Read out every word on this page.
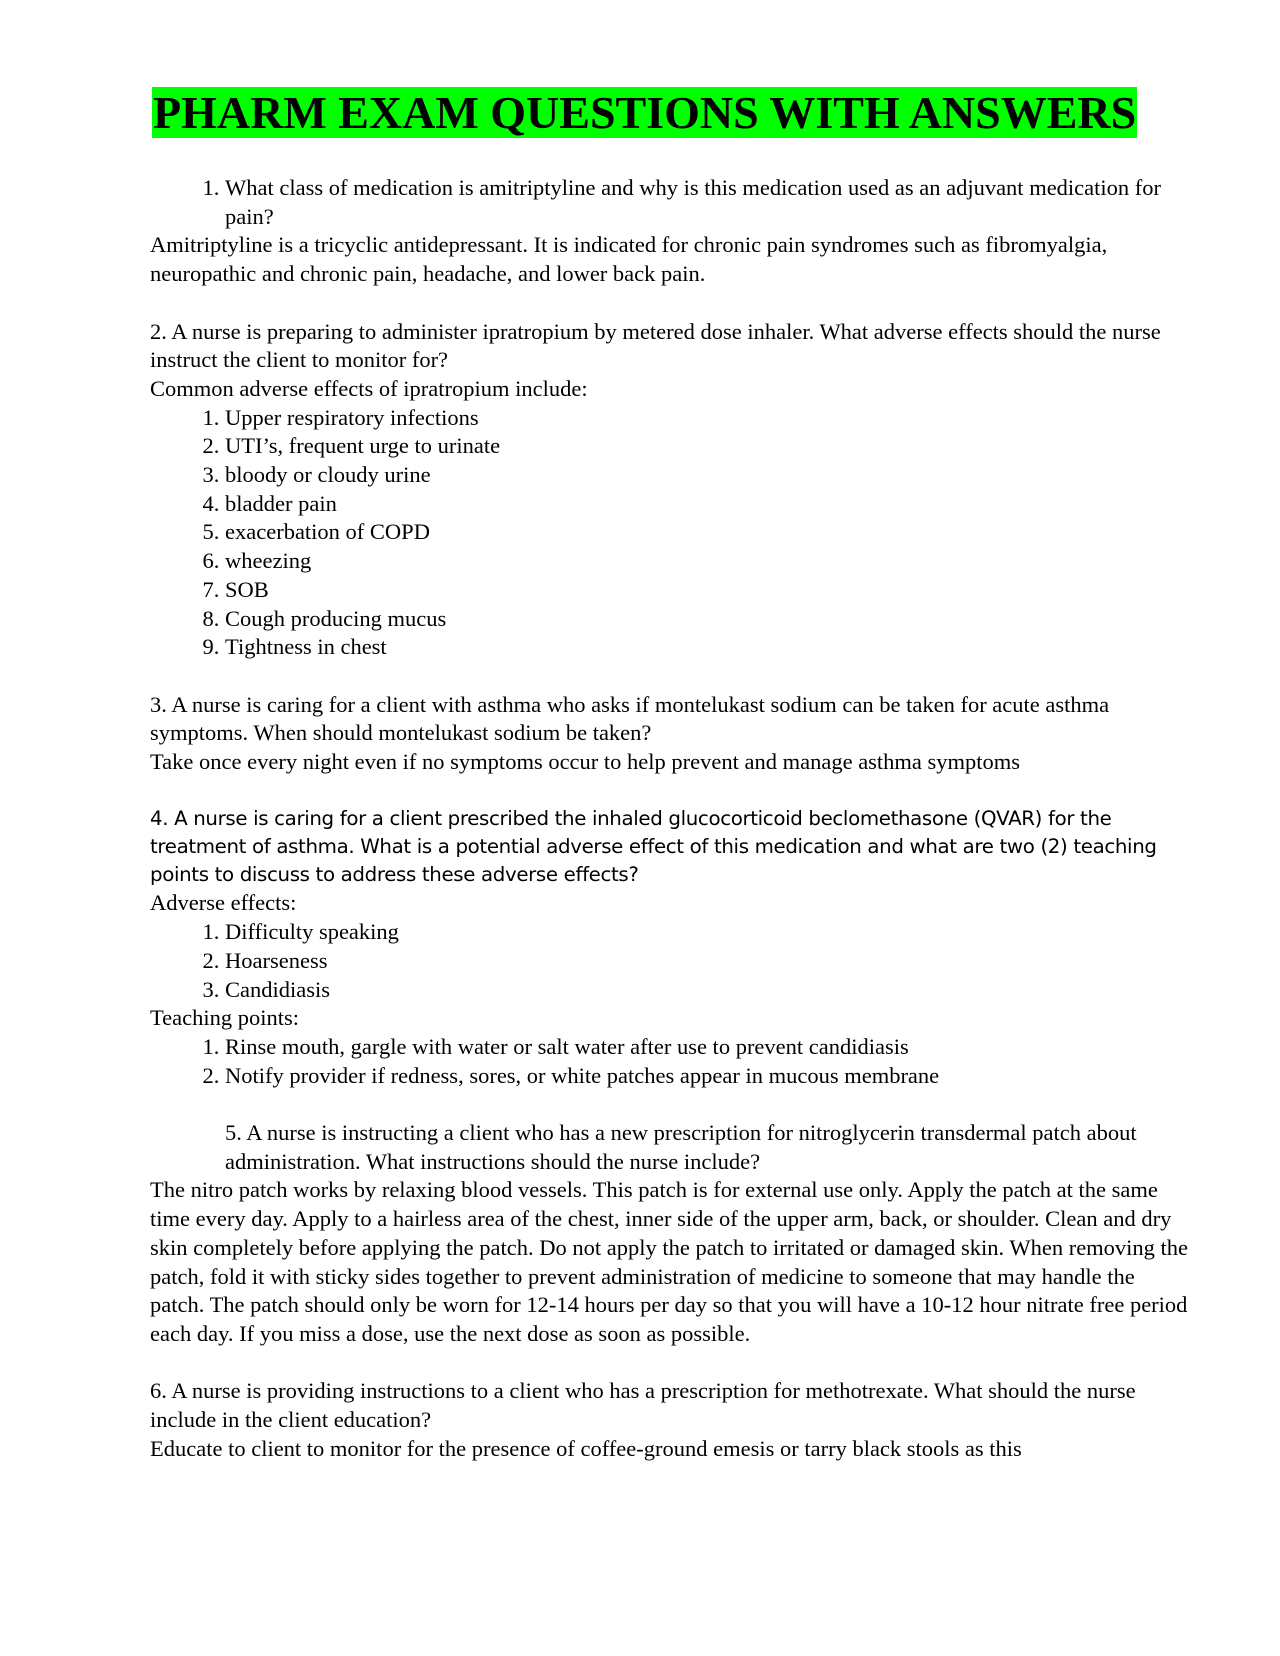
PHARM EXAM QUESTIONS WITH ANSWERS
1. What class of medication is amitriptyline and why is this medication used as an adjuvant medication for pain?

Amitriptyline is a tricyclic antidepressant. It is indicated for chronic pain syndromes such as fibromyalgia, neuropathic and chronic pain, headache, and lower back pain.

2. A nurse is preparing to administer ipratropium by metered dose inhaler. What adverse effects should the nurse instruct the client to monitor for?

Common adverse effects of ipratropium include:

1. Upper respiratory infections
2. UTI’s, frequent urge to urinate
3. bloody or cloudy urine
4. bladder pain
5. exacerbation of COPD
6. wheezing
7. SOB
8. Cough producing mucus
9. Tightness in chest

3. A nurse is caring for a client with asthma who asks if montelukast sodium can be taken for acute asthma symptoms. When should montelukast sodium be taken?

Take once every night even if no symptoms occur to help prevent and manage asthma symptoms

4. A nurse is caring for a client prescribed the inhaled glucocorticoid beclomethasone (QVAR) for the treatment of asthma. What is a potential adverse effect of this medication and what are two (2) teaching points to discuss to address these adverse effects?

Adverse effects:

1. Difficulty speaking
2. Hoarseness
3. Candidiasis

Teaching points:

1. Rinse mouth, gargle with water or salt water after use to prevent candidiasis
2. Notify provider if redness, sores, or white patches appear in mucous membrane

5. A nurse is instructing a client who has a new prescription for nitroglycerin transdermal patch about administration. What instructions should the nurse include?

The nitro patch works by relaxing blood vessels. This patch is for external use only. Apply the patch at the same time every day. Apply to a hairless area of the chest, inner side of the upper arm, back, or shoulder. Clean and dry skin completely before applying the patch. Do not apply the patch to irritated or damaged skin. When removing the patch, fold it with sticky sides together to prevent administration of medicine to someone that may handle the patch. The patch should only be worn for 12-14 hours per day so that you will have a 10-12 hour nitrate free period each day. If you miss a dose, use the next dose as soon as possible.

6. A nurse is providing instructions to a client who has a prescription for methotrexate. What should the nurse include in the client education?

Educate to client to monitor for the presence of coffee-ground emesis or tarry black stools as this
